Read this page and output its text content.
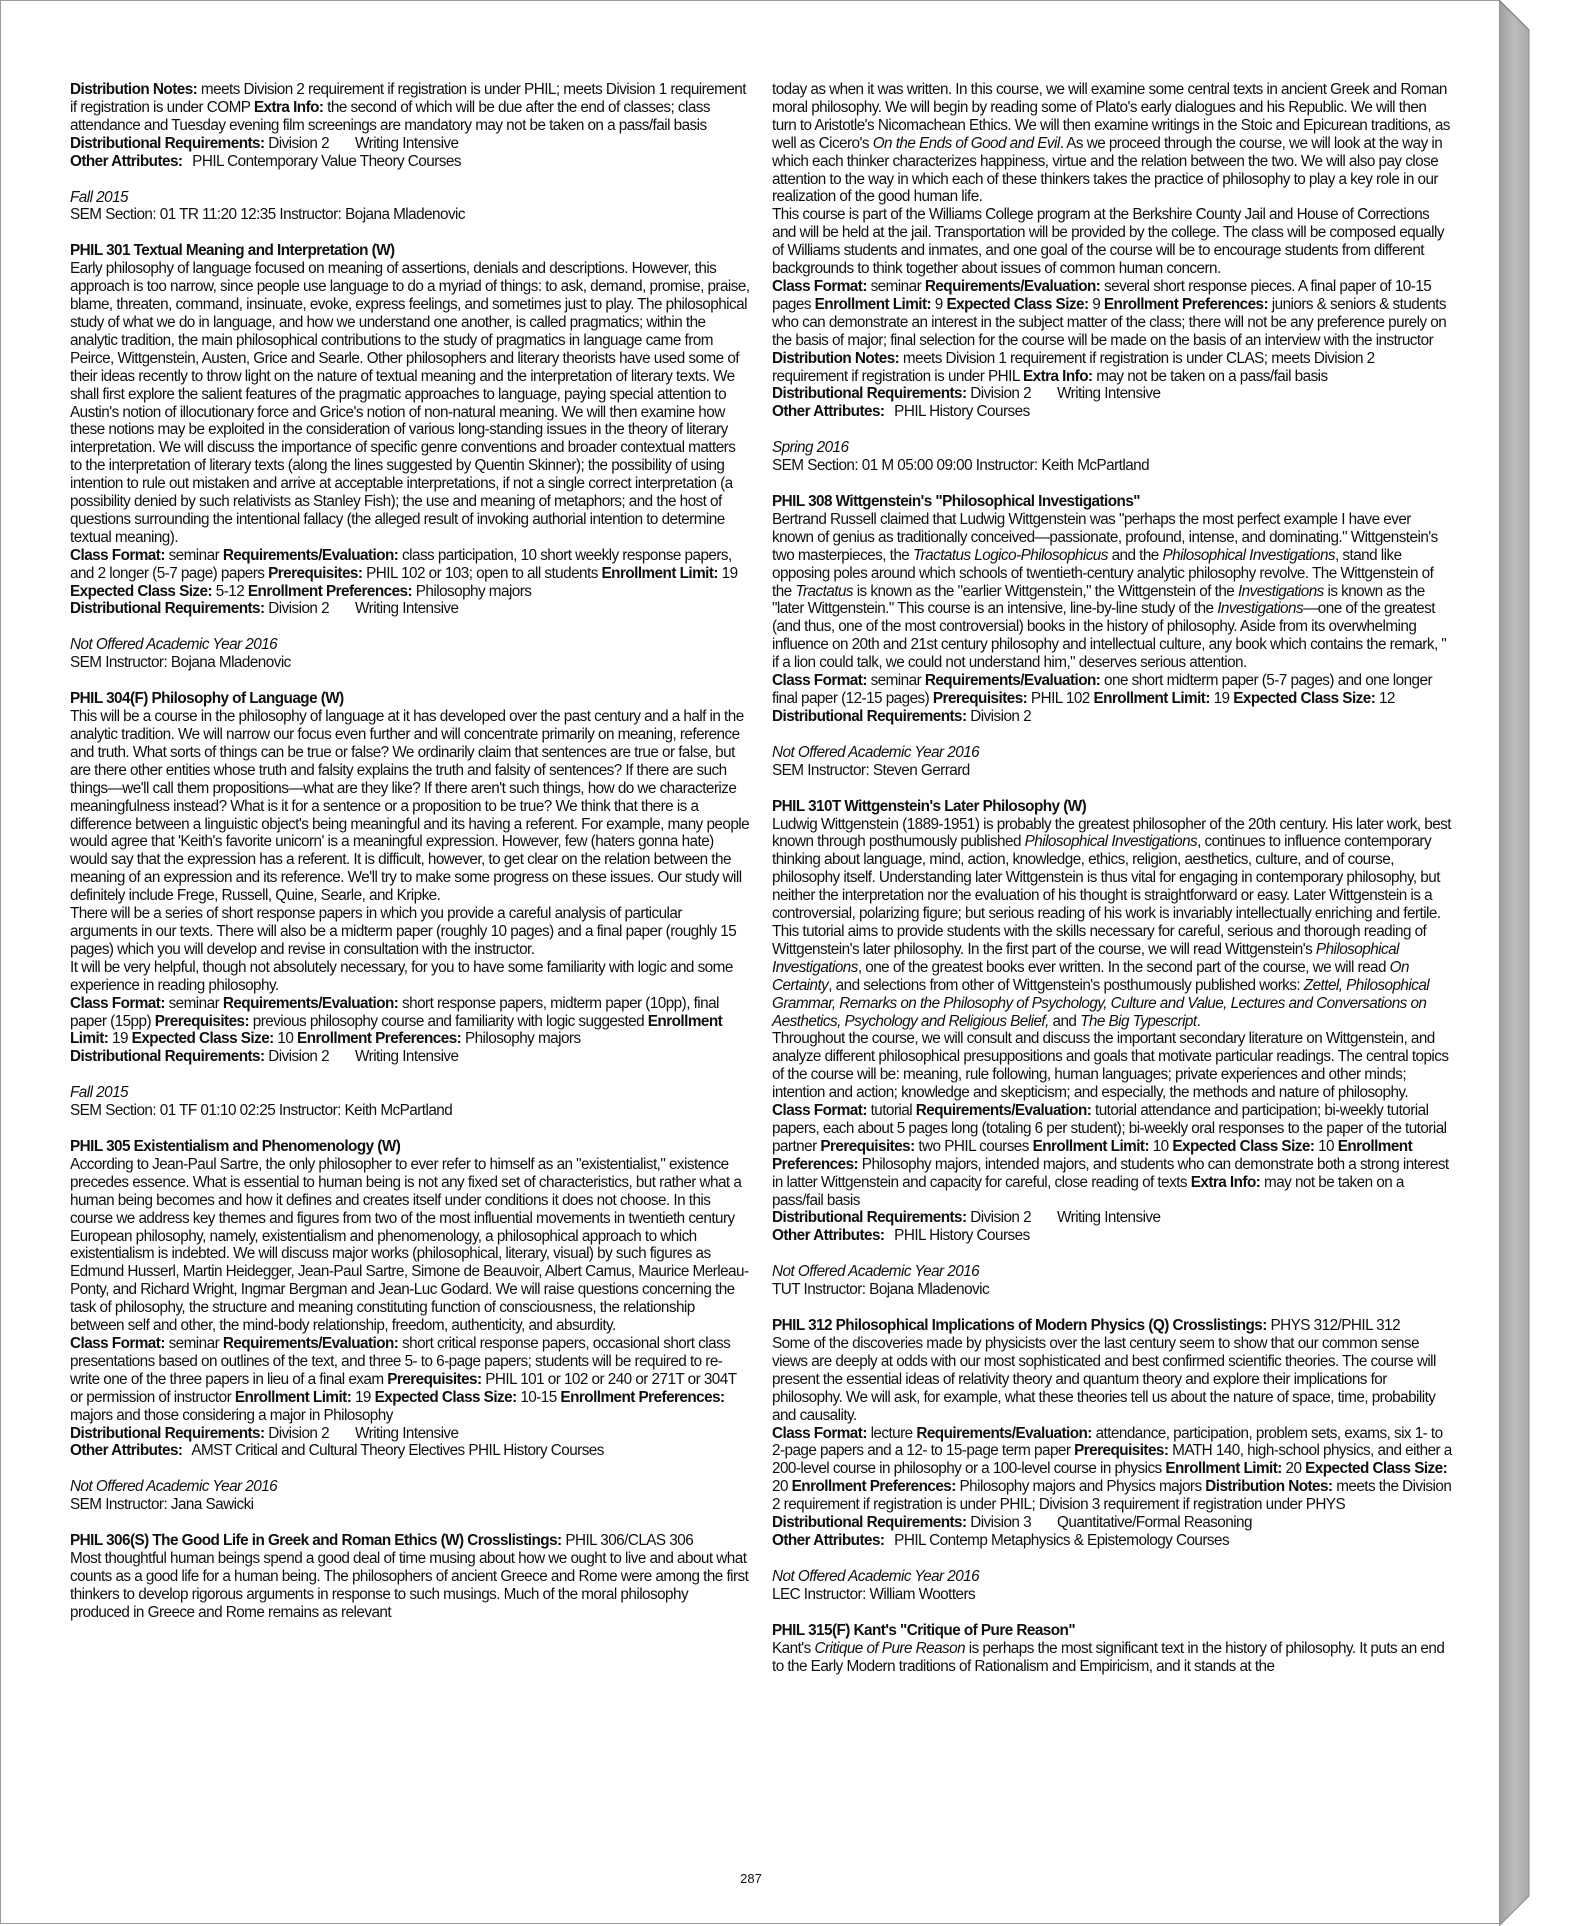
Distribution Notes: meets Division 2 requirement if registration is under PHIL; meets Division 1 requirement if registration is under COMP Extra Info: the second of which will be due after the end of classes; class attendance and Tuesday evening film screenings are mandatory may not be taken on a pass/fail basis

Distributional Requirements: Division 2 Writing Intensive

Other Attributes: PHIL Contemporary Value Theory Courses

Fall 2015

SEM Section: 01 TR 11:20 12:35 Instructor: Bojana Mladenovic

PHIL 301 Textual Meaning and Interpretation (W)

Early philosophy of language focused on meaning of assertions, denials and descriptions. However, this approach is too narrow, since people use language to do a myriad of things: to ask, demand, promise, praise, blame, threaten, command, insinuate, evoke, express feelings, and sometimes just to play. The philosophical study of what we do in language, and how we understand one another, is called pragmatics; within the analytic tradition, the main philosophical contributions to the study of pragmatics in language came from Peirce, Wittgenstein, Austen, Grice and Searle. Other philosophers and literary theorists have used some of their ideas recently to throw light on the nature of textual meaning and the interpretation of literary texts. We shall first explore the salient features of the pragmatic approaches to language, paying special attention to Austin's notion of illocutionary force and Grice's notion of non-natural meaning. We will then examine how these notions may be exploited in the consideration of various long-standing issues in the theory of literary interpretation. We will discuss the importance of specific genre conventions and broader contextual matters to the interpretation of literary texts (along the lines suggested by Quentin Skinner); the possibility of using intention to rule out mistaken and arrive at acceptable interpretations, if not a single correct interpretation (a possibility denied by such relativists as Stanley Fish); the use and meaning of metaphors; and the host of questions surrounding the intentional fallacy (the alleged result of invoking authorial intention to determine textual meaning).

Class Format: seminar Requirements/Evaluation: class participation, 10 short weekly response papers, and 2 longer (5-7 page) papers Prerequisites: PHIL 102 or 103; open to all students Enrollment Limit: 19 Expected Class Size: 5-12 Enrollment Preferences: Philosophy majors

Distributional Requirements: Division 2 Writing Intensive

Not Offered Academic Year 2016

SEM Instructor: Bojana Mladenovic

PHIL 304(F) Philosophy of Language (W)

This will be a course in the philosophy of language at it has developed over the past century and a half in the analytic tradition. We will narrow our focus even further and will concentrate primarily on meaning, reference and truth. What sorts of things can be true or false? We ordinarily claim that sentences are true or false, but are there other entities whose truth and falsity explains the truth and falsity of sentences? If there are such things—we'll call them propositions—what are they like? If there aren't such things, how do we characterize meaningfulness instead? What is it for a sentence or a proposition to be true? We think that there is a difference between a linguistic object's being meaningful and its having a referent. For example, many people would agree that 'Keith's favorite unicorn' is a meaningful expression. However, few (haters gonna hate) would say that the expression has a referent. It is difficult, however, to get clear on the relation between the meaning of an expression and its reference. We'll try to make some progress on these issues. Our study will definitely include Frege, Russell, Quine, Searle, and Kripke.

There will be a series of short response papers in which you provide a careful analysis of particular arguments in our texts. There will also be a midterm paper (roughly 10 pages) and a final paper (roughly 15 pages) which you will develop and revise in consultation with the instructor.

It will be very helpful, though not absolutely necessary, for you to have some familiarity with logic and some experience in reading philosophy.

Class Format: seminar Requirements/Evaluation: short response papers, midterm paper (10pp), final paper (15pp) Prerequisites: previous philosophy course and familiarity with logic suggested Enrollment Limit: 19 Expected Class Size: 10 Enrollment Preferences: Philosophy majors

Distributional Requirements: Division 2 Writing Intensive

Fall 2015

SEM Section: 01 TF 01:10 02:25 Instructor: Keith McPartland

PHIL 305 Existentialism and Phenomenology (W)

According to Jean-Paul Sartre, the only philosopher to ever refer to himself as an "existentialist," existence precedes essence. What is essential to human being is not any fixed set of characteristics, but rather what a human being becomes and how it defines and creates itself under conditions it does not choose. In this course we address key themes and figures from two of the most influential movements in twentieth century European philosophy, namely, existentialism and phenomenology, a philosophical approach to which existentialism is indebted. We will discuss major works (philosophical, literary, visual) by such figures as Edmund Husserl, Martin Heidegger, Jean-Paul Sartre, Simone de Beauvoir, Albert Camus, Maurice Merleau-Ponty, and Richard Wright, Ingmar Bergman and Jean-Luc Godard. We will raise questions concerning the task of philosophy, the structure and meaning constituting function of consciousness, the relationship between self and other, the mind-body relationship, freedom, authenticity, and absurdity.

Class Format: seminar Requirements/Evaluation: short critical response papers, occasional short class presentations based on outlines of the text, and three 5- to 6-page papers; students will be required to re-write one of the three papers in lieu of a final exam Prerequisites: PHIL 101 or 102 or 240 or 271T or 304T or permission of instructor Enrollment Limit: 19 Expected Class Size: 10-15 Enrollment Preferences: majors and those considering a major in Philosophy

Distributional Requirements: Division 2 Writing Intensive

Other Attributes: AMST Critical and Cultural Theory Electives PHIL History Courses

Not Offered Academic Year 2016

SEM Instructor: Jana Sawicki

PHIL 306(S) The Good Life in Greek and Roman Ethics (W) Crosslistings: PHIL 306/CLAS 306

Most thoughtful human beings spend a good deal of time musing about how we ought to live and about what counts as a good life for a human being. The philosophers of ancient Greece and Rome were among the first thinkers to develop rigorous arguments in response to such musings. Much of the moral philosophy produced in Greece and Rome remains as relevant

today as when it was written. In this course, we will examine some central texts in ancient Greek and Roman moral philosophy. We will begin by reading some of Plato's early dialogues and his Republic. We will then turn to Aristotle's Nicomachean Ethics. We will then examine writings in the Stoic and Epicurean traditions, as well as Cicero's On the Ends of Good and Evil. As we proceed through the course, we will look at the way in which each thinker characterizes happiness, virtue and the relation between the two. We will also pay close attention to the way in which each of these thinkers takes the practice of philosophy to play a key role in our realization of the good human life.

This course is part of the Williams College program at the Berkshire County Jail and House of Corrections and will be held at the jail. Transportation will be provided by the college. The class will be composed equally of Williams students and inmates, and one goal of the course will be to encourage students from different backgrounds to think together about issues of common human concern.

Class Format: seminar Requirements/Evaluation: several short response pieces. A final paper of 10-15 pages Enrollment Limit: 9 Expected Class Size: 9 Enrollment Preferences: juniors & seniors & students who can demonstrate an interest in the subject matter of the class; there will not be any preference purely on the basis of major; final selection for the course will be made on the basis of an interview with the instructor Distribution Notes: meets Division 1 requirement if registration is under CLAS; meets Division 2 requirement if registration is under PHIL Extra Info: may not be taken on a pass/fail basis

Distributional Requirements: Division 2 Writing Intensive

Other Attributes: PHIL History Courses

Spring 2016

SEM Section: 01 M 05:00 09:00 Instructor: Keith McPartland

PHIL 308 Wittgenstein's "Philosophical Investigations"

Bertrand Russell claimed that Ludwig Wittgenstein was "perhaps the most perfect example I have ever known of genius as traditionally conceived—passionate, profound, intense, and dominating." Wittgenstein's two masterpieces, the Tractatus Logico-Philosophicus and the Philosophical Investigations, stand like opposing poles around which schools of twentieth-century analytic philosophy revolve. The Wittgenstein of the Tractatus is known as the "earlier Wittgenstein," the Wittgenstein of the Investigations is known as the "later Wittgenstein." This course is an intensive, line-by-line study of the Investigations—one of the greatest (and thus, one of the most controversial) books in the history of philosophy. Aside from its overwhelming influence on 20th and 21st century philosophy and intellectual culture, any book which contains the remark, " if a lion could talk, we could not understand him," deserves serious attention.

Class Format: seminar Requirements/Evaluation: one short midterm paper (5-7 pages) and one longer final paper (12-15 pages) Prerequisites: PHIL 102 Enrollment Limit: 19 Expected Class Size: 12

Distributional Requirements: Division 2

Not Offered Academic Year 2016

SEM Instructor: Steven Gerrard

PHIL 310T Wittgenstein's Later Philosophy (W)

Ludwig Wittgenstein (1889-1951) is probably the greatest philosopher of the 20th century. His later work, best known through posthumously published Philosophical Investigations, continues to influence contemporary thinking about language, mind, action, knowledge, ethics, religion, aesthetics, culture, and of course, philosophy itself. Understanding later Wittgenstein is thus vital for engaging in contemporary philosophy, but neither the interpretation nor the evaluation of his thought is straightforward or easy. Later Wittgenstein is a controversial, polarizing figure; but serious reading of his work is invariably intellectually enriching and fertile. This tutorial aims to provide students with the skills necessary for careful, serious and thorough reading of Wittgenstein's later philosophy. In the first part of the course, we will read Wittgenstein's Philosophical Investigations, one of the greatest books ever written. In the second part of the course, we will read On Certainty, and selections from other of Wittgenstein's posthumously published works: Zettel, Philosophical Grammar, Remarks on the Philosophy of Psychology, Culture and Value, Lectures and Conversations on Aesthetics, Psychology and Religious Belief, and The Big Typescript.

Throughout the course, we will consult and discuss the important secondary literature on Wittgenstein, and analyze different philosophical presuppositions and goals that motivate particular readings. The central topics of the course will be: meaning, rule following, human languages; private experiences and other minds; intention and action; knowledge and skepticism; and especially, the methods and nature of philosophy.

Class Format: tutorial Requirements/Evaluation: tutorial attendance and participation; bi-weekly tutorial papers, each about 5 pages long (totaling 6 per student); bi-weekly oral responses to the paper of the tutorial partner Prerequisites: two PHIL courses Enrollment Limit: 10 Expected Class Size: 10 Enrollment Preferences: Philosophy majors, intended majors, and students who can demonstrate both a strong interest in latter Wittgenstein and capacity for careful, close reading of texts Extra Info: may not be taken on a pass/fail basis

Distributional Requirements: Division 2 Writing Intensive

Other Attributes: PHIL History Courses

Not Offered Academic Year 2016

TUT Instructor: Bojana Mladenovic

PHIL 312 Philosophical Implications of Modern Physics (Q) Crosslistings: PHYS 312/PHIL 312

Some of the discoveries made by physicists over the last century seem to show that our common sense views are deeply at odds with our most sophisticated and best confirmed scientific theories. The course will present the essential ideas of relativity theory and quantum theory and explore their implications for philosophy. We will ask, for example, what these theories tell us about the nature of space, time, probability and causality.

Class Format: lecture Requirements/Evaluation: attendance, participation, problem sets, exams, six 1- to 2-page papers and a 12- to 15-page term paper Prerequisites: MATH 140, high-school physics, and either a 200-level course in philosophy or a 100-level course in physics Enrollment Limit: 20 Expected Class Size: 20 Enrollment Preferences: Philosophy majors and Physics majors Distribution Notes: meets the Division 2 requirement if registration is under PHIL; Division 3 requirement if registration under PHYS

Distributional Requirements: Division 3 Quantitative/Formal Reasoning

Other Attributes: PHIL Contemp Metaphysics & Epistemology Courses

Not Offered Academic Year 2016

LEC Instructor: William Wootters

PHIL 315(F) Kant's "Critique of Pure Reason"

Kant's Critique of Pure Reason is perhaps the most significant text in the history of philosophy. It puts an end to the Early Modern traditions of Rationalism and Empiricism, and it stands at the

287
